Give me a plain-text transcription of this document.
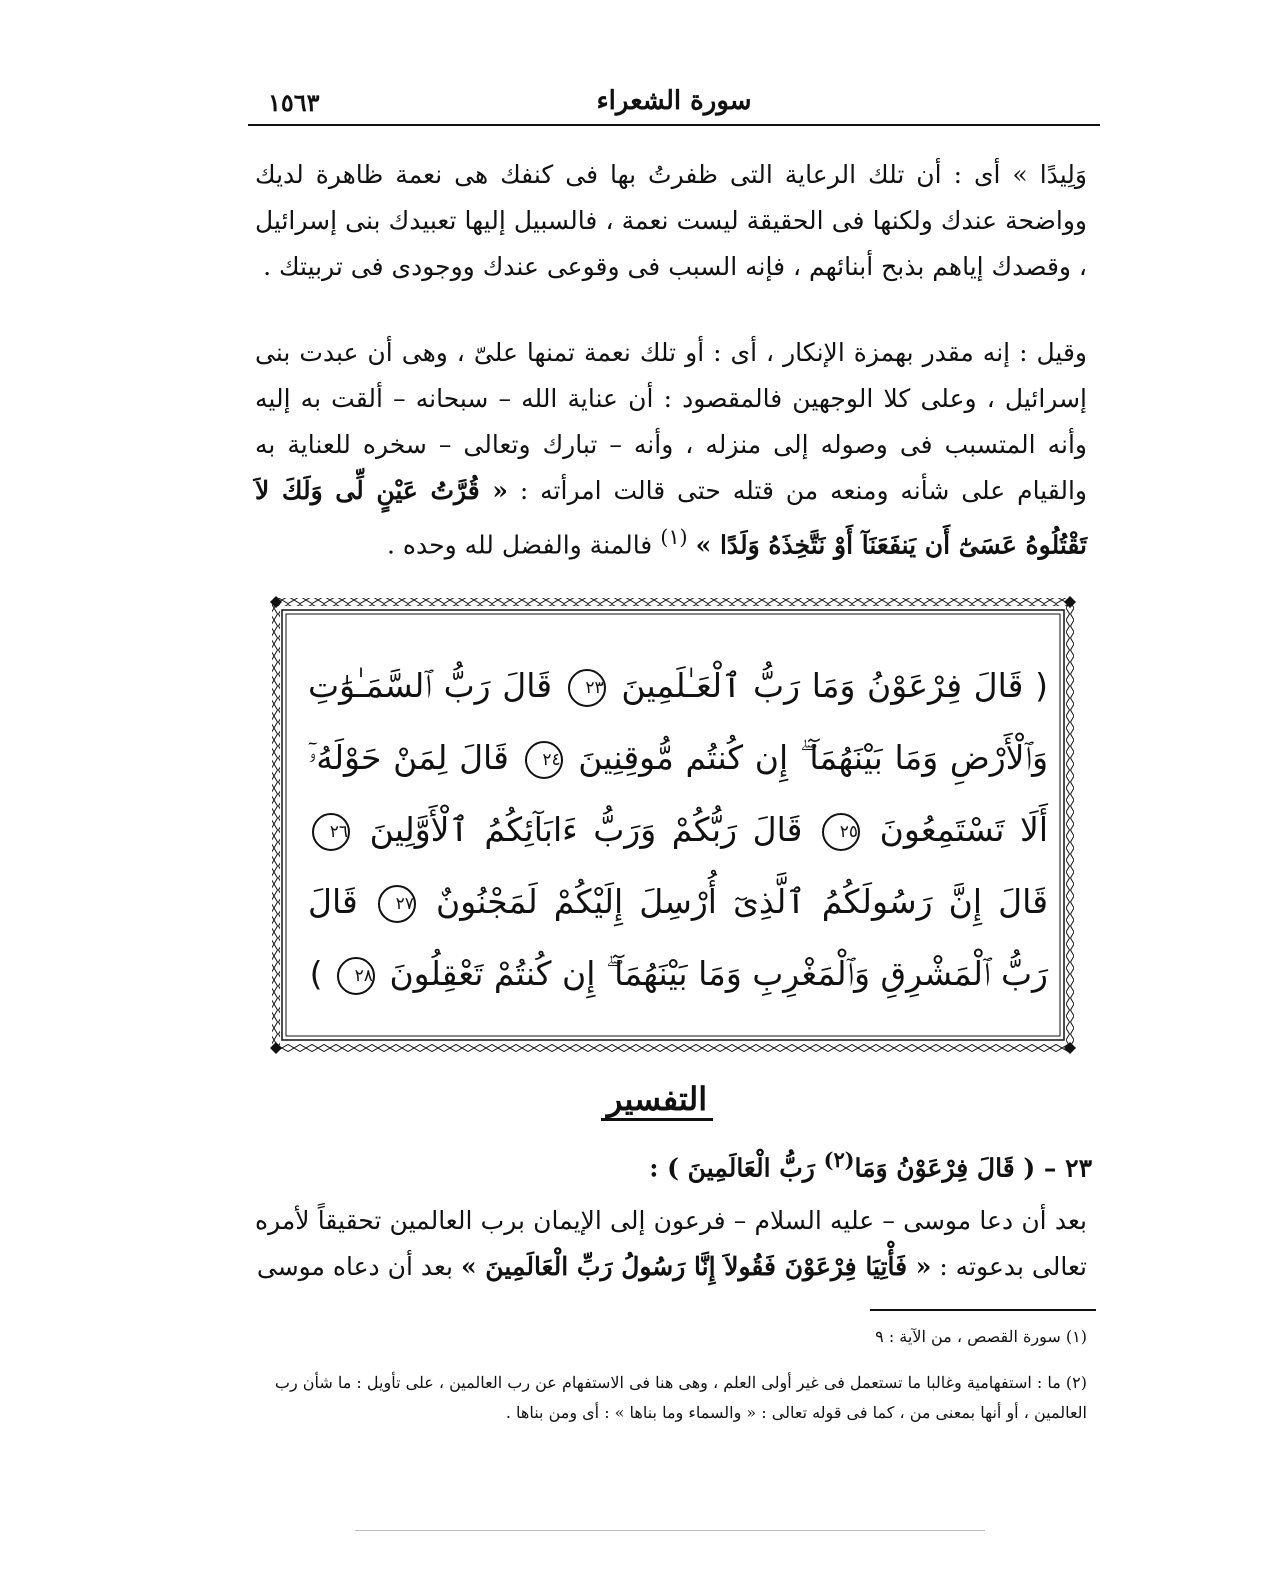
سورة الشعراء
١٥٦٣
وَلِيدًا » أى : أن تلك الرعاية التى ظفرتُ بها فى كنفك هى نعمة ظاهرة لديك وواضحة عندك ولكنها فى الحقيقة ليست نعمة ، فالسبيل إليها تعبيدك بنى إسرائيل ، وقصدك إياهم بذبح أبنائهم ، فإنه السبب فى وقوعى عندك ووجودى فى تربيتك .
وقيل : إنه مقدر بهمزة الإنكار ، أى : أو تلك نعمة تمنها علىّ ، وهى أن عبدت بنى إسرائيل ، وعلى كلا الوجهين فالمقصود : أن عناية الله – سبحانه – ألقت به إليه وأنه المتسبب فى وصوله إلى منزله ، وأنه – تبارك وتعالى – سخره للعناية به والقيام على شأنه ومنعه من قتله حتى قالت امرأته : « قُرَّتُ عَيْنٍ لِّى وَلَكَ لاَ تَقْتُلُوهُ عَسَىٰٓ أَن يَنفَعَنَآ أَوْ نَتَّخِذَهُ وَلَدًا » $^{(١)}$ فالمنة والفضل لله وحده .
( قَالَ فِرْعَوْنُ وَمَا رَبُّ ٱلْعَـٰلَمِينَ ٢٣ قَالَ رَبُّ ٱلسَّمَـٰوَٰتِ وَٱلْأَرْضِ وَمَا بَيْنَهُمَآ ۖ إِن كُنتُم مُّوقِنِينَ ٢٤ قَالَ لِمَنْ حَوْلَهُۥٓ أَلَا تَسْتَمِعُونَ ٢٥ قَالَ رَبُّكُمْ وَرَبُّ ءَابَآئِكُمُ ٱلْأَوَّلِينَ ٢٦ قَالَ إِنَّ رَسُولَكُمُ ٱلَّذِىٓ أُرْسِلَ إِلَيْكُمْ لَمَجْنُونٌ ٢٧ قَالَ رَبُّ ٱلْمَشْرِقِ وَٱلْمَغْرِبِ وَمَا بَيْنَهُمَآ ۖ إِن كُنتُمْ تَعْقِلُونَ ٢٨ )
التفسير
٢٣ – ( قَالَ فِرْعَوْنُ وَمَا$^{(٢)}$ رَبُّ الْعَالَمِينَ ) :
بعد أن دعا موسى – عليه السلام – فرعون إلى الإيمان برب العالمين تحقيقاً لأمره تعالى بدعوته : « فَأْتِيَا فِرْعَوْنَ فَقُولاَ إِنَّا رَسُولُ رَبِّ الْعَالَمِينَ » بعد أن دعاه موسى
(١) سورة القصص ، من الآية : ٩
(٢) ما : استفهامية وغالبا ما تستعمل فى غير أولى العلم ، وهى هنا فى الاستفهام عن رب العالمين ، على تأويل : ما شأن رب العالمين ، أو أنها بمعنى من ، كما فى قوله تعالى : « والسماء وما بناها » : أى ومن بناها .
